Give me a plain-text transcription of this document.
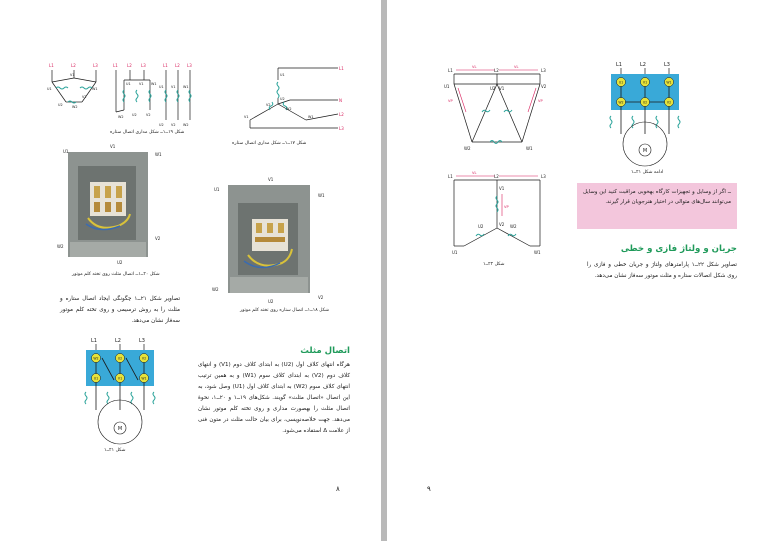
L1	L2	L3	L1 L2 L3	L1 L2 L3
U1
V1
W1
U2
V2
W2
U1 V1 W1
W2 U2	V2
U1 V1 W1
U2 V2 W2
شکل ۱۹ــ۱ــ شکل مداری اتصال ستاره
L1
N
L2
L3
U1
V1	W1
U2
V2
W2
شکل ۱۷ــ۱ــ شکل مداری اتصال ستاره
U1
V1
W1
W2
V2
U2
شکل ۲۰ــ۱ــ اتصال مثلث روی تخته کلم موتور
V1
U1
W1
V2
W2
U2
شکل ۱۸ــ۱ــ اتصال ستاره روی تخته کلم موتور
تصاویر شکل ۲۱ــ۱ چگونگی ایجاد اتصال ستاره و مثلث را به روش ترسیمی و روی تخته کلم موتور سه‌فاز نشان می‌دهد.
اتصال مثلث
هرگاه انتهای کلاف اول (U2) به ابتدای کلاف دوم (V1) و انتهای کلاف دوم (V2) به ابتدای کلاف سوم (W1) و به همین ترتیب انتهای کلاف سوم (W2) به ابتدای کلاف اول (U1) وصل شود، به این اتصال «اتصال مثلث» گویند. شکل‌های ۱۹ــ۱ و ۲۰ــ۱، نحوهٔ اتصال مثلث را بهصورت مداری و روی تخته کلم موتور نشان می‌دهد. جهت خلاصه‌نویسی، برای بیان حالت مثلث در متون فنی از علامت Δ استفاده می‌شود.
L1	L2	L3
W2	U2	V2
U1	V1	W1
M
شکل ۲۱ــ۱
۸
L1	L2	L3
U1	V1
W1
U2	V2
W2
VL	VL
VP	VP
L1	L2	L3
U1
V1
W1
U2	V2 W2
VL
VP
شکل ۲۲ــ۱
L1	L2	L3
U1	V1	W1
W2	U2	V2
M
ادامه شکل ۲۱ــ۱
ــ اگر از وسایل و تجهیزات کارگاه بهخوبی مراقبت کنید این وسایل می‌توانند سال‌های متوالی در اختیار هنرجویان قرار گیرند.
جریان و ولتاژ فازی و خطی
تصاویر شکل ۲۲ــ۱ پارامترهای ولتاژ و جریان خطی و فازی را روی شکل اتصالات ستاره و مثلث موتور سه‌فاز نشان می‌دهد.
۹
